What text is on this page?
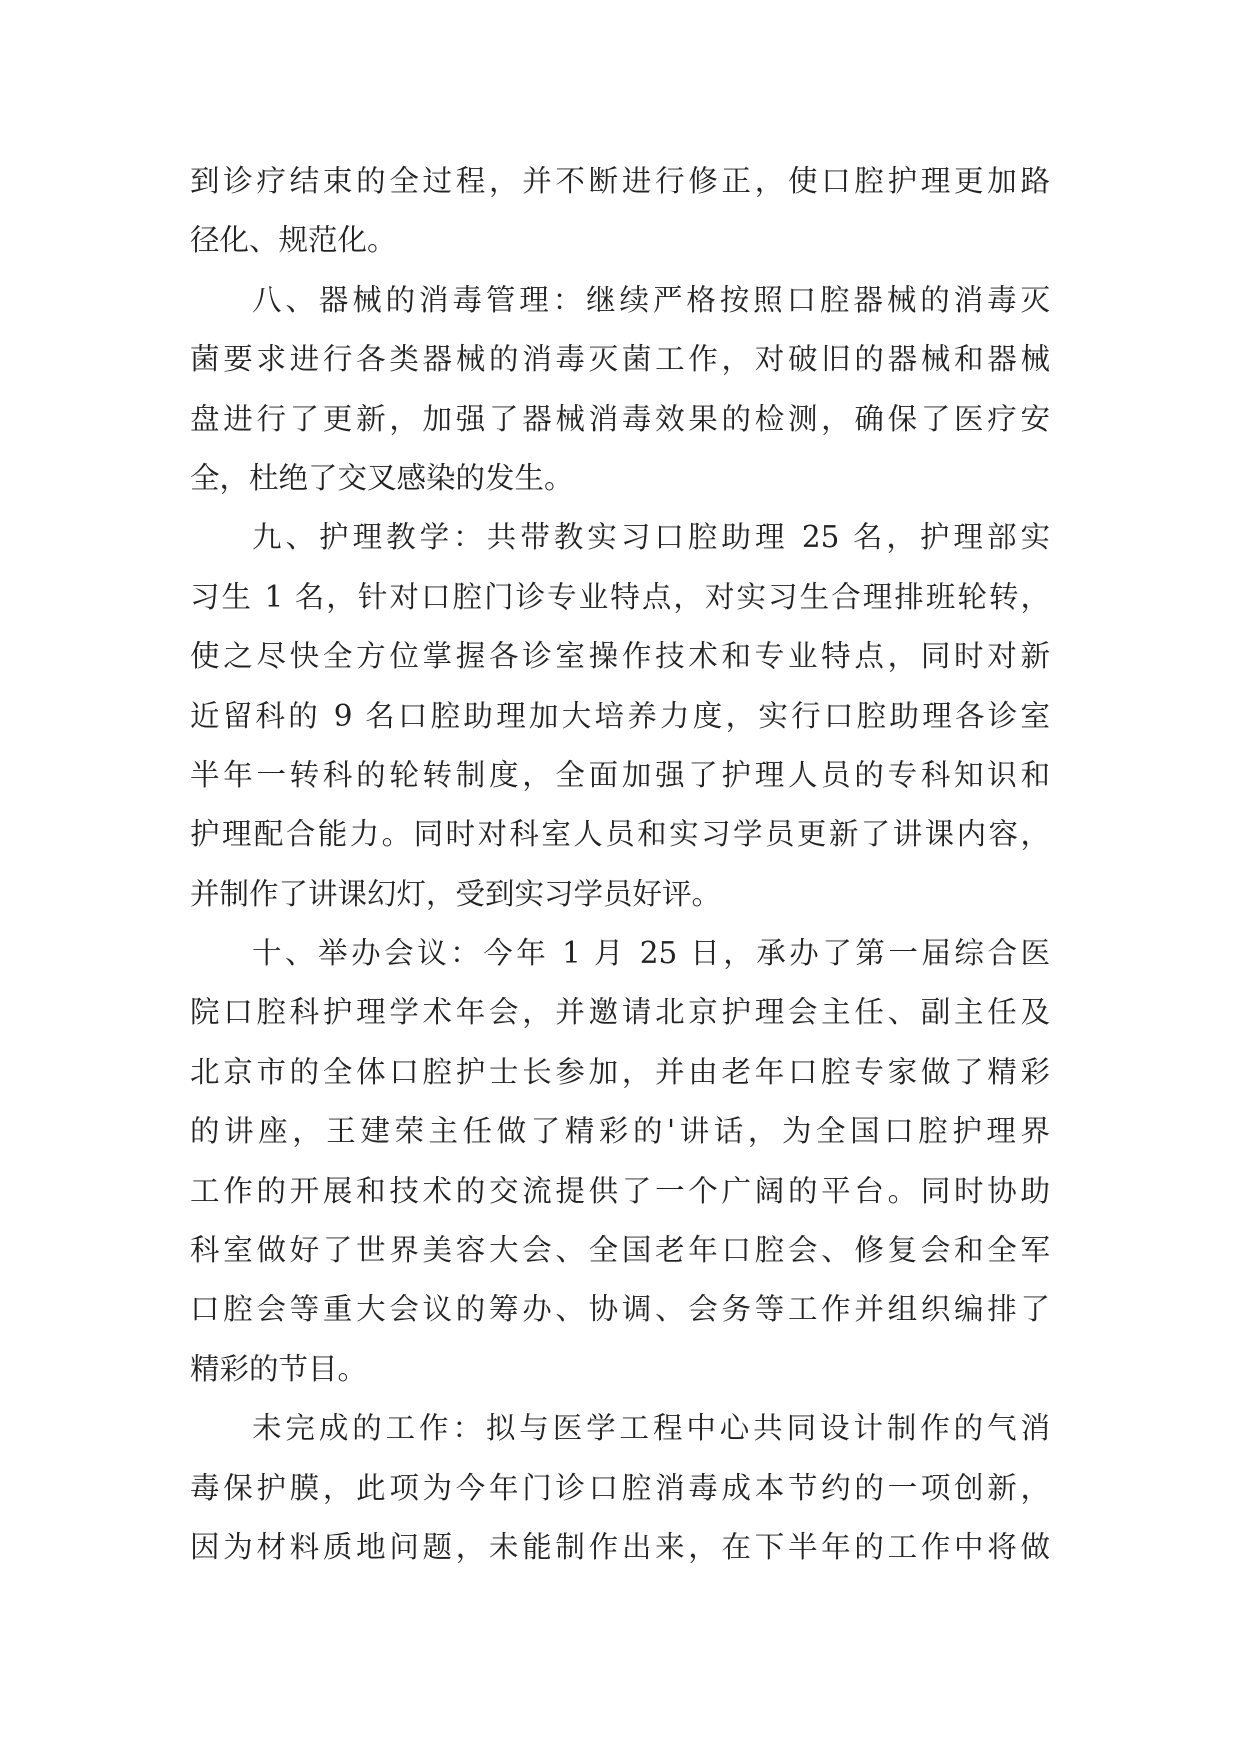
到诊疗结束的全过程，并不断进行修正，使口腔护理更加路
径化、规范化。
八、器械的消毒管理：继续严格按照口腔器械的消毒灭
菌要求进行各类器械的消毒灭菌工作，对破旧的器械和器械
盘进行了更新，加强了器械消毒效果的检测，确保了医疗安
全，杜绝了交叉感染的发生。
九、护理教学：共带教实习口腔助理 25 名，护理部实
习生 1 名，针对口腔门诊专业特点，对实习生合理排班轮转，
使之尽快全方位掌握各诊室操作技术和专业特点，同时对新
近留科的 9 名口腔助理加大培养力度，实行口腔助理各诊室
半年一转科的轮转制度，全面加强了护理人员的专科知识和
护理配合能力。同时对科室人员和实习学员更新了讲课内容，
并制作了讲课幻灯，受到实习学员好评。
十、举办会议：今年 1 月 25 日，承办了第一届综合医
院口腔科护理学术年会，并邀请北京护理会主任、副主任及
北京市的全体口腔护士长参加，并由老年口腔专家做了精彩
的讲座，王建荣主任做了精彩的'讲话，为全国口腔护理界
工作的开展和技术的交流提供了一个广阔的平台。同时协助
科室做好了世界美容大会、全国老年口腔会、修复会和全军
口腔会等重大会议的筹办、协调、会务等工作并组织编排了
精彩的节目。
未完成的工作：拟与医学工程中心共同设计制作的气消
毒保护膜，此项为今年门诊口腔消毒成本节约的一项创新，
因为材料质地问题，未能制作出来，在下半年的工作中将做
